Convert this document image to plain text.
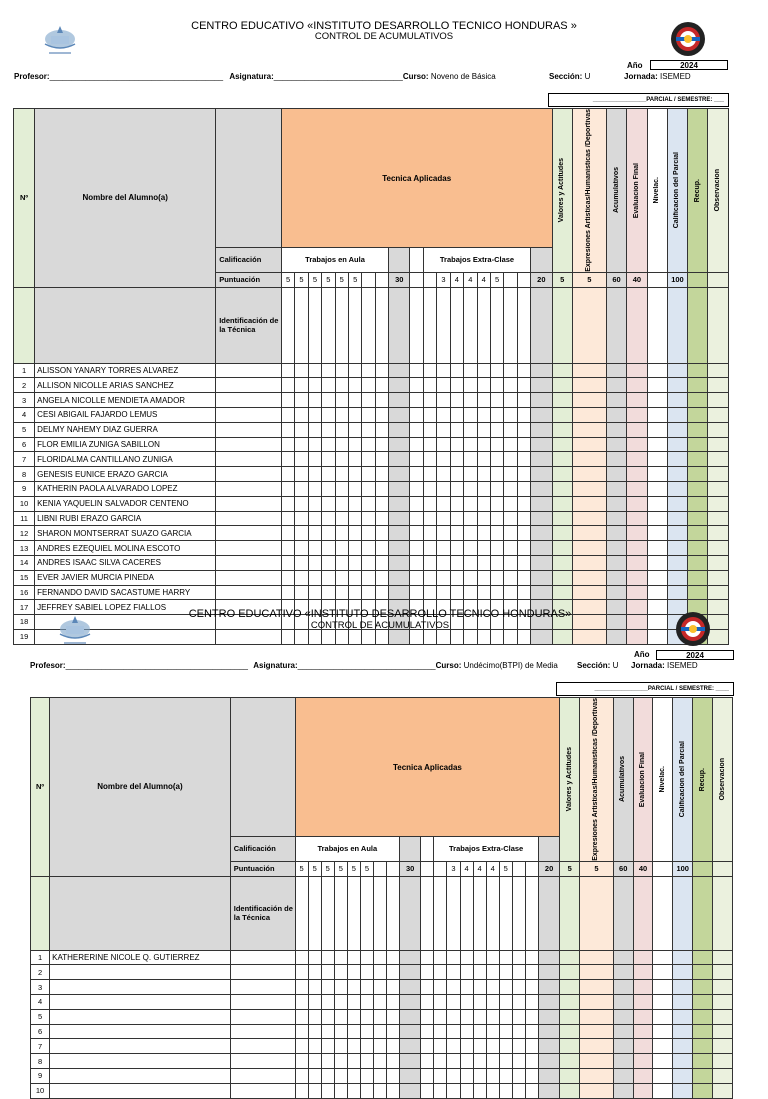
CENTRO EDUCATIVO «INSTITUTO DESARROLLO TECNICO HONDURAS »
CONTROL DE ACUMULATIVOS
Año	2024
Profesor:_______________________________________ Asignatura:_____________________________Curso: Noveno de Básica	Sección: U	Jornada: ISEMED
________________PARCIAL / SEMESTRE: ___
Nº	Nombre del Alumno(a)		Tecnica Aplicadas																			Valores y Actitudes	Expresiones Artisticas/Humanisticas /Deportivas	Acumulativos	Evaluacion Final	Nivelac.	Calificacion del Parcial	Recup.	Observacion

		Calificación	Trabajos en Aula										Trabajos Extra-Clase																
		Puntuación	5	5	5	5	5	5			30			3	4	4	4	5			20	5	5	60	40		100		
		Identificación de la Técnica																											
1	ALISSON YANARY TORRES ALVAREZ																												
2	ALLISON NICOLLE ARIAS SANCHEZ																												
3	ANGELA NICOLLE MENDIETA AMADOR																												
4	CESI ABIGAIL FAJARDO LEMUS																												
5	DELMY NAHEMY DIAZ GUERRA																												
6	FLOR EMILIA ZUNIGA SABILLON																												
7	FLORIDALMA CANTILLANO ZUNIGA																												
8	GENESIS EUNICE ERAZO GARCIA																												
9	KATHERIN PAOLA ALVARADO LOPEZ																												
10	KENIA YAQUELIN SALVADOR CENTENO																												
11	LIBNI RUBI ERAZO GARCIA																												
12	SHARON MONTSERRAT SUAZO GARCIA																												
13	ANDRES EZEQUIEL MOLINA ESCOTO																												
14	ANDRES ISAAC SILVA CACERES																												
15	EVER JAVIER MURCIA PINEDA																												
16	FERNANDO DAVID SACASTUME HARRY																												
17	JEFFREY SABIEL LOPEZ FIALLOS																												
18																													
19																													
CENTRO EDUCATIVO «INSTITUTO DESARROLLO TECNICO HONDURAS»
CONTROL DE ACUMULATIVOS
Año	2024
Profesor:_________________________________________ Asignatura:_______________________________Curso: Undécimo(BTPI) de Media Sección: U Jornada: ISEMED
________________PARCIAL / SEMESTRE: ____
Nº	Nombre del Alumno(a)		Tecnica Aplicadas																			Valores y Actitudes	Expresiones Artisticas/Humanisticas /Deportivas	Acumulativos	Evaluacion Final	Nivelac.	Calificacion del Parcial	Recup.	Observacion

		Calificación	Trabajos en Aula										Trabajos Extra-Clase																
		Puntuación	5	5	5	5	5	5			30			3	4	4	4	5			20	5	5	60	40		100		
		Identificación de la Técnica																											
1	KATHERERINE NICOLE Q. GUTIERREZ																												
2																													
3																													
4																													
5																													
6																													
7																													
8																													
9																													
10																													
